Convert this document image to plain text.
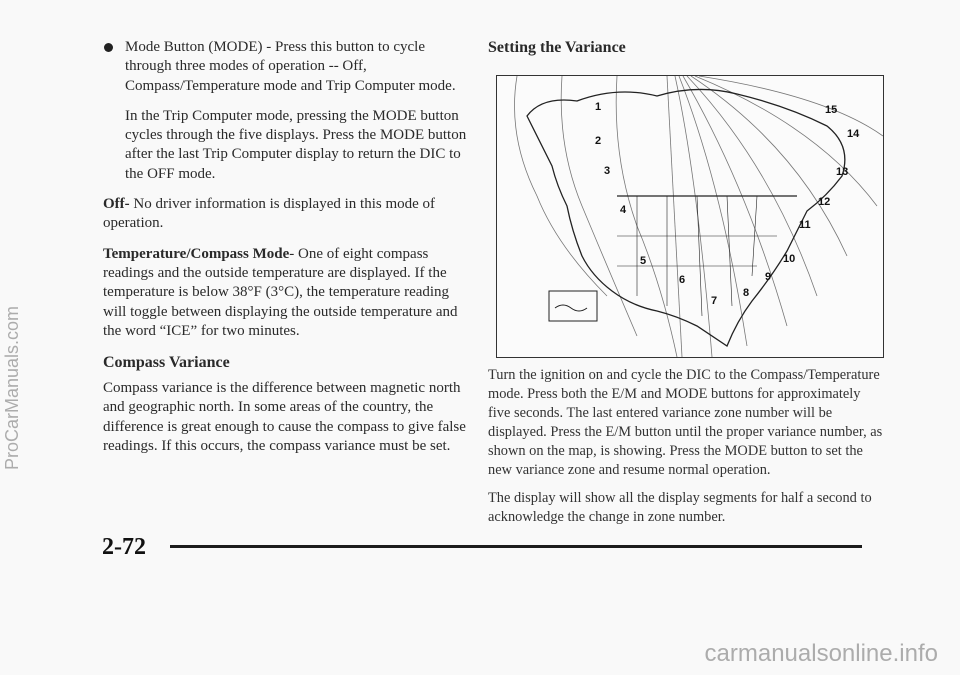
Mode Button (MODE) - Press this button to cycle through three modes of operation -- Off, Compass/Temperature mode and Trip Computer mode.

In the Trip Computer mode, pressing the MODE button cycles through the five displays. Press the MODE button after the last Trip Computer display to return the DIC to the OFF mode.

Off- No driver information is displayed in this mode of operation.

Temperature/Compass Mode- One of eight compass readings and the outside temperature are displayed. If the temperature is below 38°F (3°C), the temperature reading will toggle between displaying the outside temperature and the word “ICE” for two minutes.

Compass Variance

Compass variance is the difference between magnetic north and geographic north. In some areas of the country, the difference is great enough to cause the compass to give false readings. If this occurs, the compass variance must be set.

Setting the Variance

1
2
3
4
5
6
7
8
9
10
11
12
13
14
15

Turn the ignition on and cycle the DIC to the Compass/Temperature mode. Press both the E/M and MODE buttons for approximately five seconds. The last entered variance zone number will be displayed. Press the E/M button until the proper variance number, as shown on the map, is showing. Press the MODE button to set the new variance zone and resume normal operation.

The display will show all the display segments for half a second to acknowledge the change in zone number.

2-72
ProCarManuals.com
carmanualsonline.info
